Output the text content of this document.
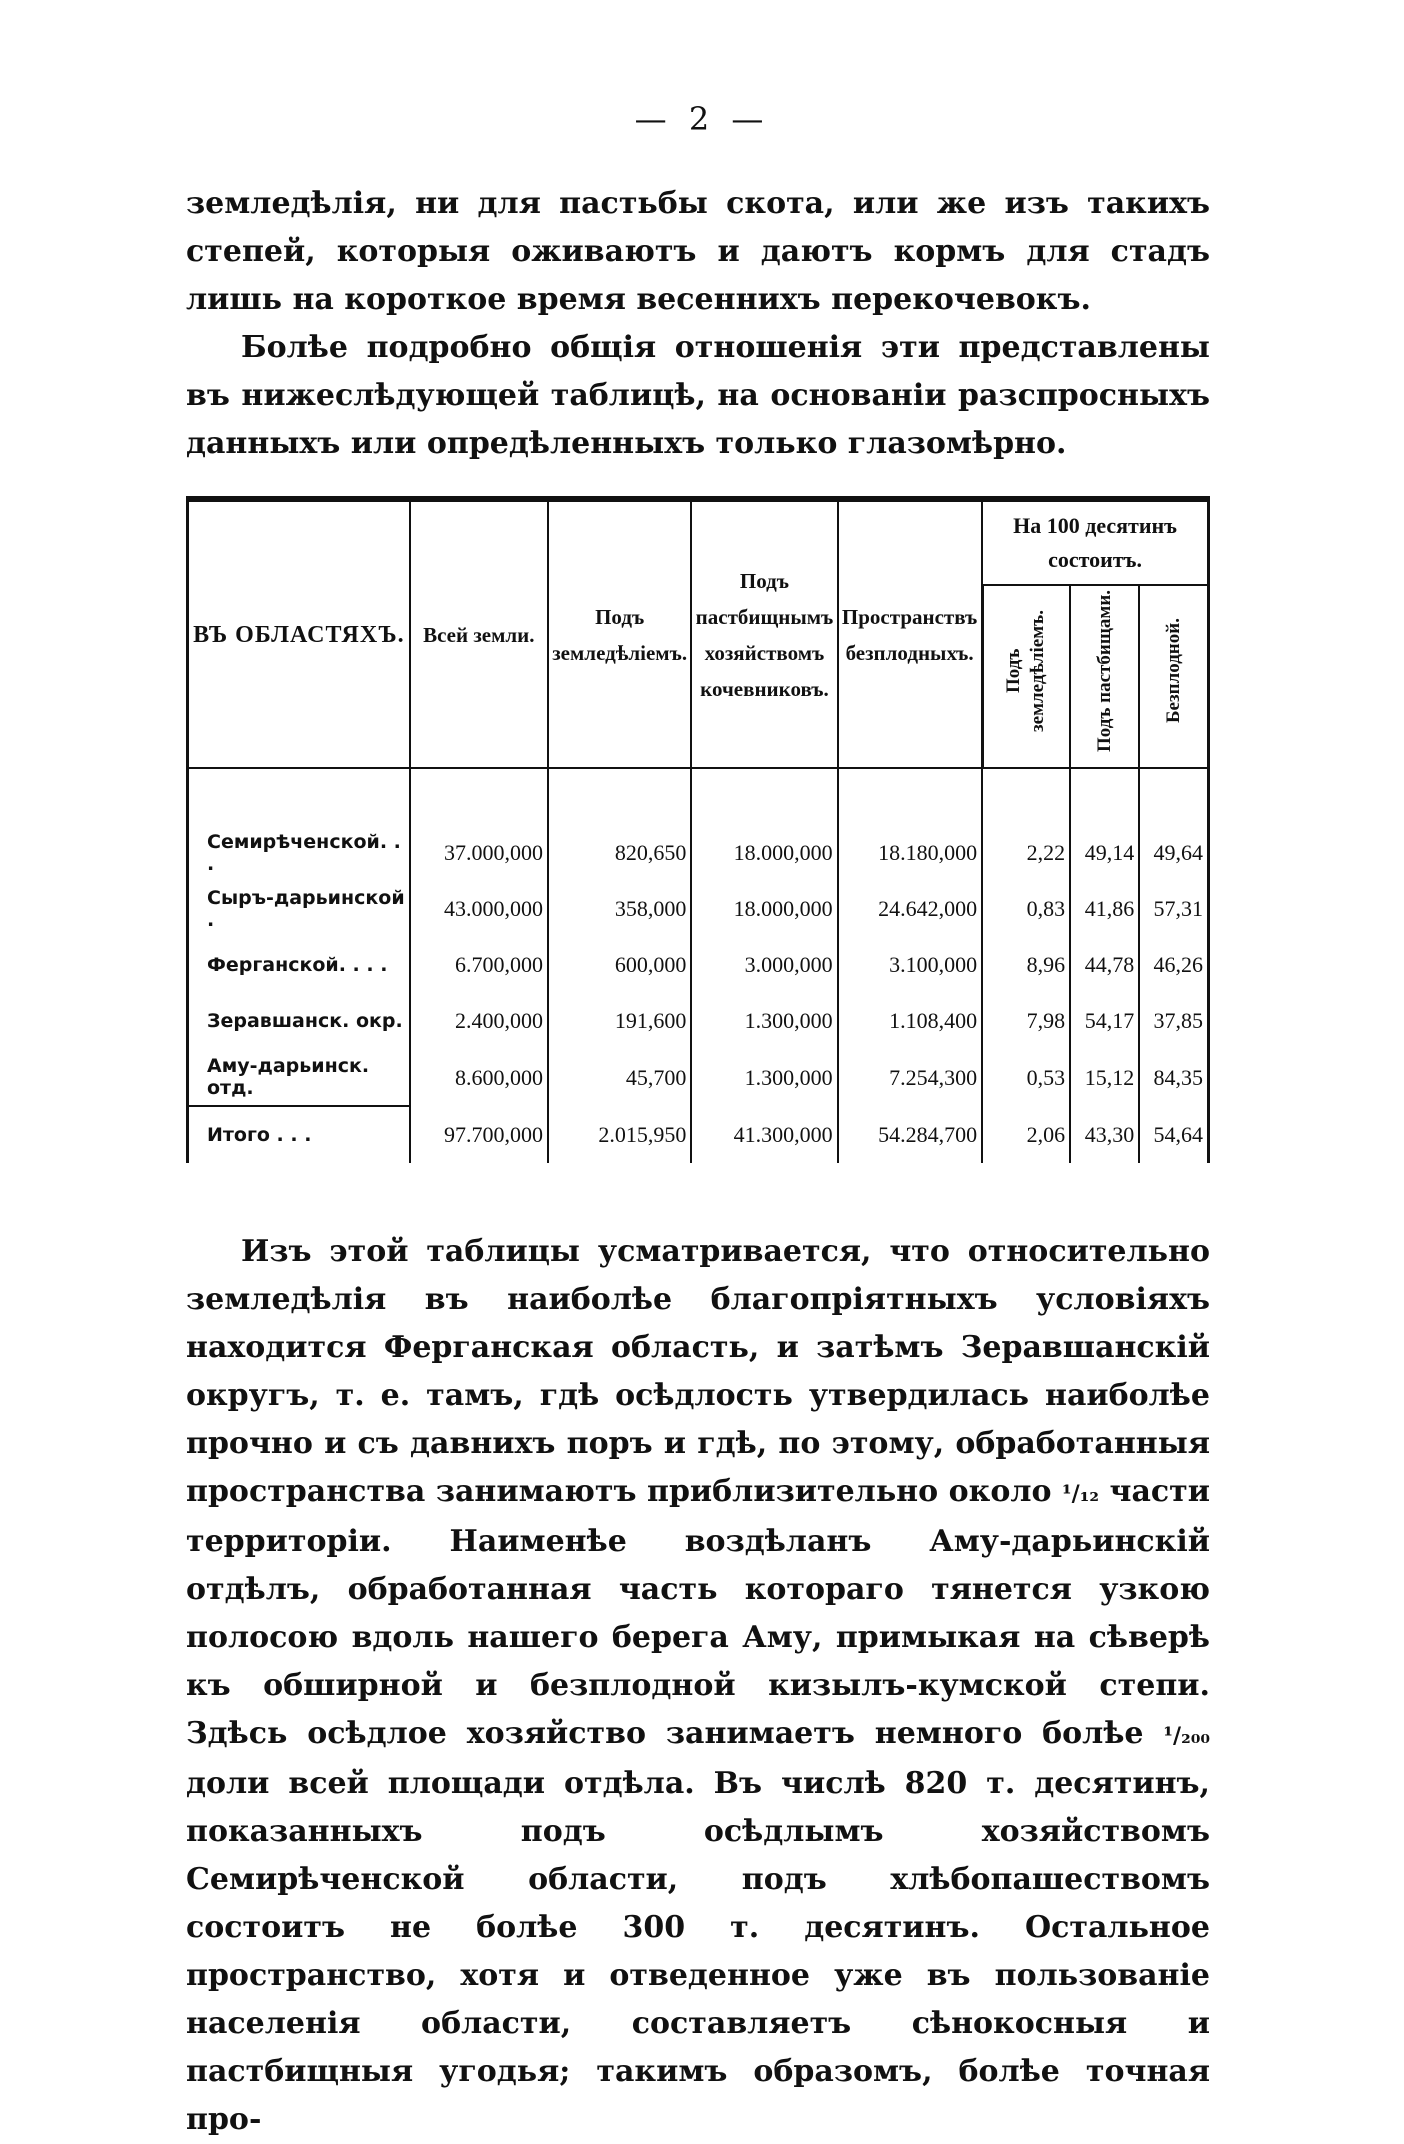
— 2 —

земледѣлія, ни для пастьбы скота, или же изъ такихъ степей, которыя оживаютъ и даютъ кормъ для стадъ лишь на короткое время весеннихъ перекочевокъ.

Болѣе подробно общія отношенія эти представлены въ нижеслѣдующей таблицѣ, на основаніи разспросныхъ данныхъ или опредѣленныхъ только глазомѣрно.

ВЪ ОБЛАСТЯХЪ.	Всей земли.	Подъ земледѣліемъ.	Подъ пастбищнымъ хозяйствомъ кочевниковъ.	Пространствъ безплодныхъ.	На 100 десятинъ состоитъ.		
					Подъ земледѣліемъ.	Подъ пастбищами.	Безплодной.

Семирѣченской. . .	37.000,000	820,650	18.000,000	18.180,000	2,22	49,14	49,64
Сыръ-дарьинской .	43.000,000	358,000	18.000,000	24.642,000	0,83	41,86	57,31
Ферганской. . . .	6.700,000	600,000	3.000,000	3.100,000	8,96	44,78	46,26
Зеравшанск. окр.	2.400,000	191,600	1.300,000	1.108,400	7,98	54,17	37,85
Аму-дарьинск. отд.	8.600,000	45,700	1.300,000	7.254,300	0,53	15,12	84,35
Итого . . .	97.700,000	2.015,950	41.300,000	54.284,700	2,06	43,30	54,64

Изъ этой таблицы усматривается, что относительно земледѣлія въ наиболѣе благопріятныхъ условіяхъ находится Ферганская область, и затѣмъ Зеравшанскій округъ, т. е. тамъ, гдѣ осѣдлость утвердилась наиболѣе прочно и съ давнихъ поръ и гдѣ, по этому, обработанныя пространства занимаютъ приблизительно около ¹/₁₂ части территоріи. Наименѣе воздѣланъ Аму-дарьинскій отдѣлъ, обработанная часть котораго тянется узкою полосою вдоль нашего берега Аму, примыкая на сѣверѣ къ обширной и безплодной кизылъ-кумской степи. Здѣсь осѣдлое хозяйство занимаетъ немного болѣе ¹/₂₀₀ доли всей площади отдѣла. Въ числѣ 820 т. десятинъ, показанныхъ подъ осѣдлымъ хозяйствомъ Семирѣченской области, подъ хлѣбопашествомъ состоитъ не болѣе 300 т. десятинъ. Остальное пространство, хотя и отведенное уже въ пользованіе населенія области, составляетъ сѣнокосныя и пастбищныя угодья; такимъ образомъ, болѣе точная про-
